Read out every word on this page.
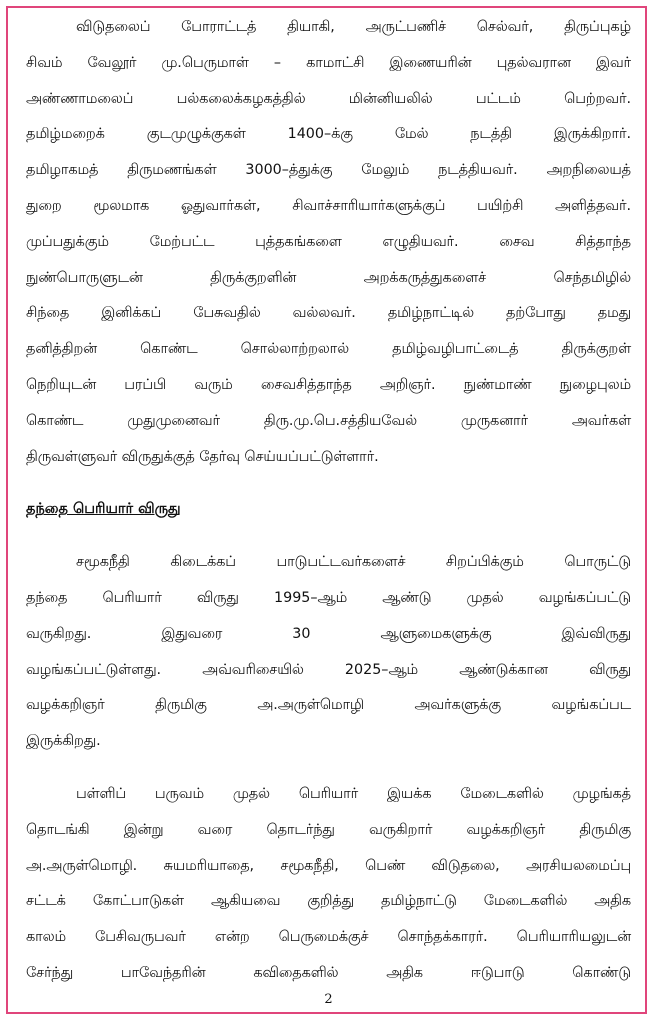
விடுதலைப் போராட்டத் தியாகி, அருட்பணிச் செல்வர், திருப்புகழ்
சிவம் வேலூர் மு.பெருமாள் – காமாட்சி இணையரின் புதல்வரான இவர்
அண்ணாமலைப் பல்கலைக்கழகத்தில் மின்னியலில் பட்டம் பெற்றவர்.
தமிழ்மறைக் குடமுழுக்குகள் 1400–க்கு மேல் நடத்தி இருக்கிறார்.
தமிழாகமத் திருமணங்கள் 3000–த்துக்கு மேலும் நடத்தியவர். அறநிலையத்
துறை மூலமாக ஓதுவார்கள், சிவாச்சாரியார்களுக்குப் பயிற்சி அளித்தவர்.
முப்பதுக்கும் மேற்பட்ட புத்தகங்களை எழுதியவர். சைவ சித்தாந்த
நுண்பொருளுடன் திருக்குறளின் அறக்கருத்துகளைச் செந்தமிழில்
சிந்தை இனிக்கப் பேசுவதில் வல்லவர். தமிழ்நாட்டில் தற்போது தமது
தனித்திறன் கொண்ட சொல்லாற்றலால் தமிழ்வழிபாட்டைத் திருக்குறள்
நெறியுடன் பரப்பி வரும் சைவசித்தாந்த அறிஞர். நுண்மாண் நுழைபுலம்
கொண்ட முதுமுனைவர் திரு.மு.பெ.சத்தியவேல் முருகனார் அவர்கள்
திருவள்ளுவர் விருதுக்குத் தேர்வு செய்யப்பட்டுள்ளார்.
தந்தை பெரியார் விருது
சமூகநீதி கிடைக்கப் பாடுபட்டவர்களைச் சிறப்பிக்கும் பொருட்டு
தந்தை பெரியார் விருது 1995–ஆம் ஆண்டு முதல் வழங்கப்பட்டு
வருகிறது. இதுவரை 30 ஆளுமைகளுக்கு இவ்விருது
வழங்கப்பட்டுள்ளது. அவ்வரிசையில் 2025–ஆம் ஆண்டுக்கான விருது
வழக்கறிஞர் திருமிகு அ.அருள்மொழி அவர்களுக்கு வழங்கப்பட
இருக்கிறது.
பள்ளிப் பருவம் முதல் பெரியார் இயக்க மேடைகளில் முழங்கத்
தொடங்கி இன்று வரை தொடர்ந்து வருகிறார் வழக்கறிஞர் திருமிகு
அ.அருள்மொழி. சுயமரியாதை, சமூகநீதி, பெண் விடுதலை, அரசியலமைப்பு
சட்டக் கோட்பாடுகள் ஆகியவை குறித்து தமிழ்நாட்டு மேடைகளில் அதிக
காலம் பேசிவருபவர் என்ற பெருமைக்குச் சொந்தக்காரர். பெரியாரியலுடன்
சேர்ந்து பாவேந்தரின் கவிதைகளில் அதிக ஈடுபாடு கொண்டு
2
